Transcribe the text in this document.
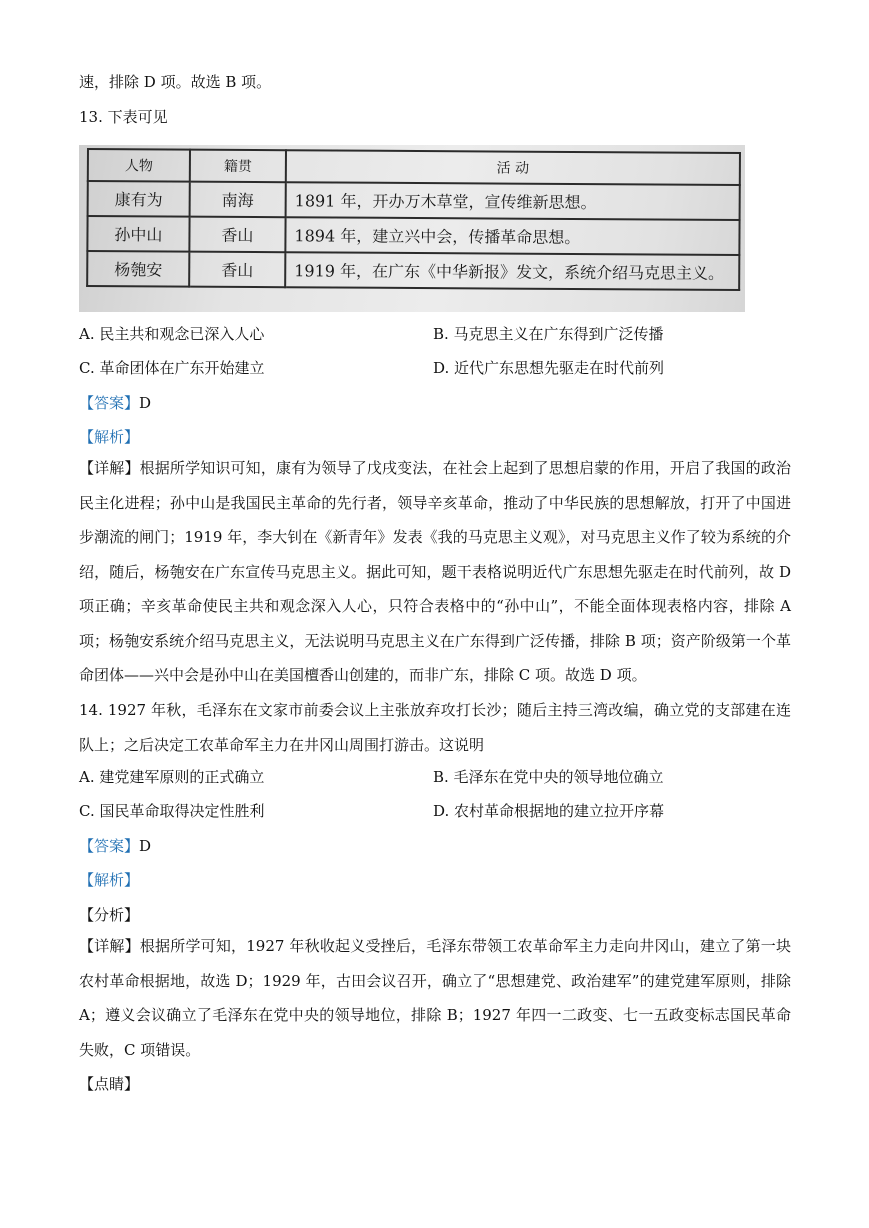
速，排除 D 项。故选 B 项。
13. 下表可见
人物	籍贯	活 动
康有为	南海	1891 年，开办万木草堂，宣传维新思想。
孙中山	香山	1894 年，建立兴中会，传播革命思想。
杨匏安	香山	1919 年，在广东《中华新报》发文，系统介绍马克思主义。
A. 民主共和观念已深入人心	B. 马克思主义在广东得到广泛传播
C. 革命团体在广东开始建立	D. 近代广东思想先驱走在时代前列
【答案】D
【解析】
【详解】根据所学知识可知，康有为领导了戊戌变法，在社会上起到了思想启蒙的作用，开启了我国的政治民主化进程；孙中山是我国民主革命的先行者，领导辛亥革命，推动了中华民族的思想解放，打开了中国进步潮流的闸门；1919 年，李大钊在《新青年》发表《我的马克思主义观》，对马克思主义作了较为系统的介绍，随后，杨匏安在广东宣传马克思主义。据此可知，题干表格说明近代广东思想先驱走在时代前列，故 D 项正确；辛亥革命使民主共和观念深入人心，只符合表格中的“孙中山”，不能全面体现表格内容，排除 A 项；杨匏安系统介绍马克思主义，无法说明马克思主义在广东得到广泛传播，排除 B 项；资产阶级第一个革命团体——兴中会是孙中山在美国檀香山创建的，而非广东，排除 C 项。故选 D 项。
14. 1927 年秋，毛泽东在文家市前委会议上主张放弃攻打长沙；随后主持三湾改编，确立党的支部建在连队上；之后决定工农革命军主力在井冈山周围打游击。这说明
A. 建党建军原则的正式确立	B. 毛泽东在党中央的领导地位确立
C. 国民革命取得决定性胜利	D. 农村革命根据地的建立拉开序幕
【答案】D
【解析】
【分析】
【详解】根据所学可知，1927 年秋收起义受挫后，毛泽东带领工农革命军主力走向井冈山，建立了第一块农村革命根据地，故选 D；1929 年，古田会议召开，确立了“思想建党、政治建军”的建党建军原则，排除 A；遵义会议确立了毛泽东在党中央的领导地位，排除 B；1927 年四一二政变、七一五政变标志国民革命失败，C 项错误。
【点睛】
